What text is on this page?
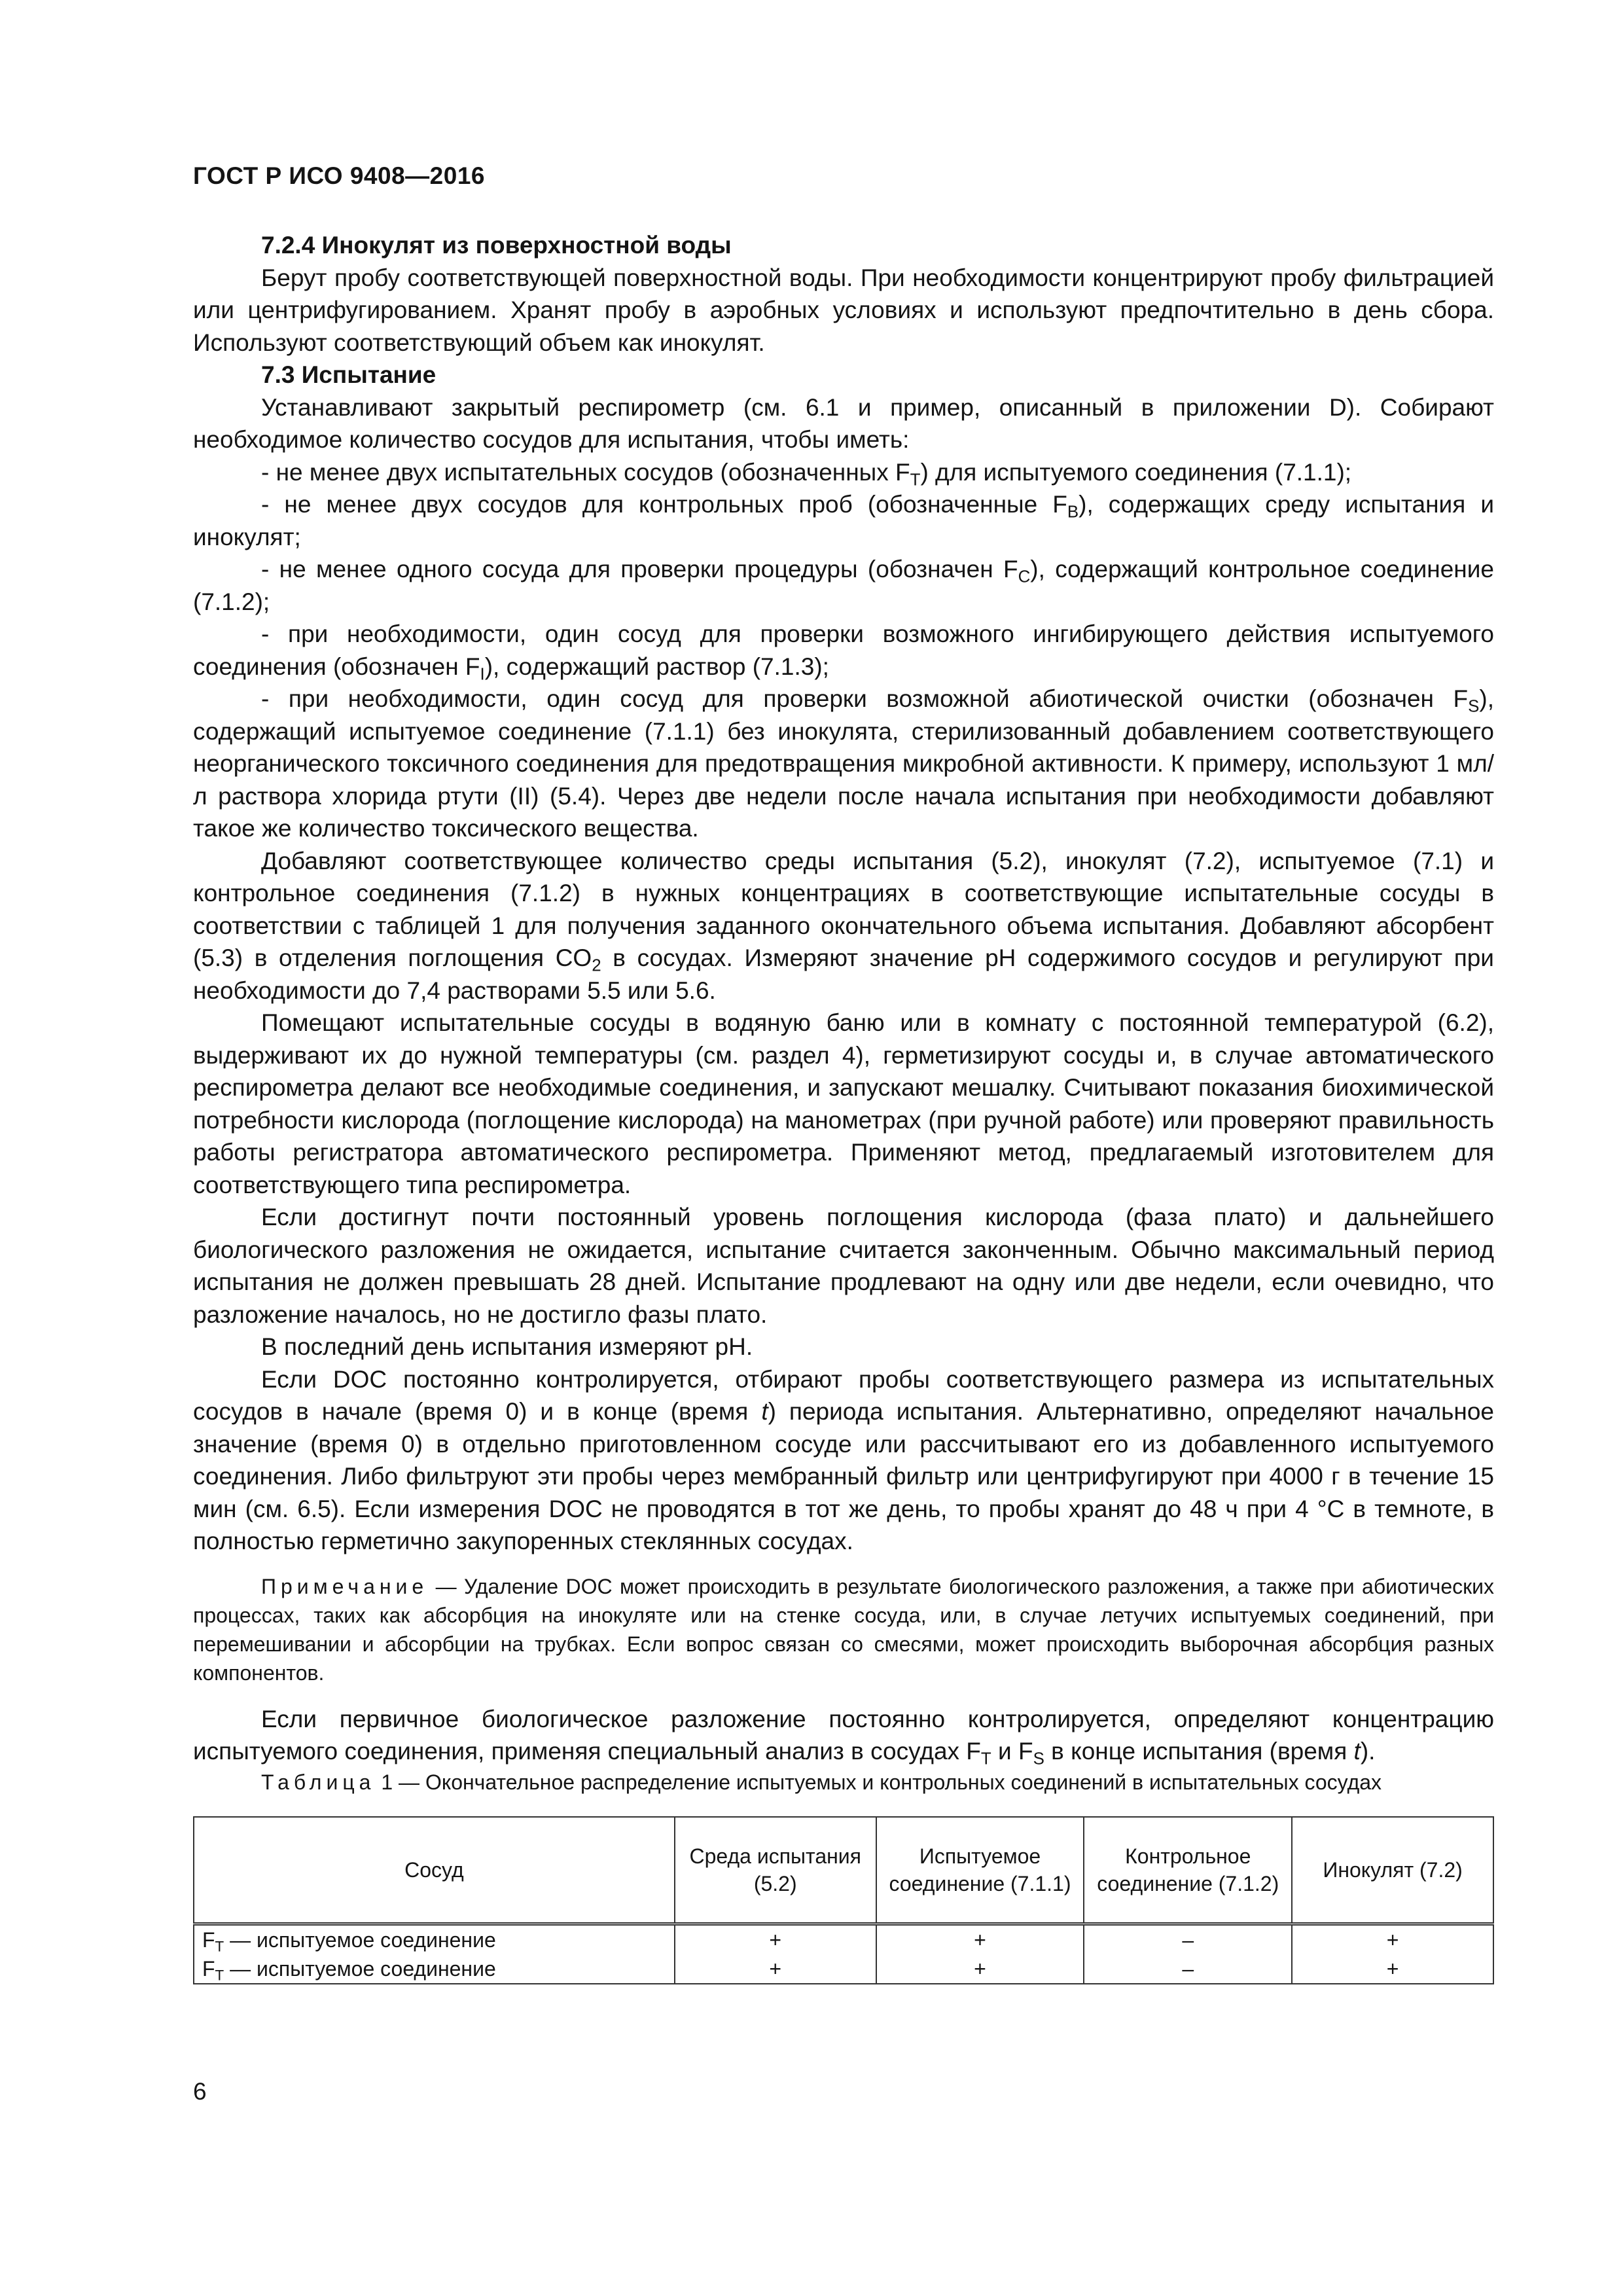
ГОСТ Р ИСО 9408—2016
7.2.4 Инокулят из поверхностной воды

Берут пробу соответствующей поверхностной воды. При необходимости концентрируют пробу фильтрацией или центрифугированием. Хранят пробу в аэробных условиях и используют предпочтительно в день сбора. Используют соответствующий объем как инокулят.

7.3 Испытание

Устанавливают закрытый респирометр (см. 6.1 и пример, описанный в приложении D). Собирают необходимое количество сосудов для испытания, чтобы иметь:

- не менее двух испытательных сосудов (обозначенных $F_T$) для испытуемого соединения (7.1.1);

- не менее двух сосудов для контрольных проб (обозначенные $F_B$), содержащих среду испытания и инокулят;

- не менее одного сосуда для проверки процедуры (обозначен $F_C$), содержащий контрольное соединение (7.1.2);

- при необходимости, один сосуд для проверки возможного ингибирующего действия испытуемого соединения (обозначен $F_I$), содержащий раствор (7.1.3);

- при необходимости, один сосуд для проверки возможной абиотической очистки (обозначен $F_S$), содержащий испытуемое соединение (7.1.1) без инокулята, стерилизованный добавлением соответствующего неорганического токсичного соединения для предотвращения микробной активности. К примеру, используют 1 мл/л раствора хлорида ртути (II) (5.4). Через две недели после начала испытания при необходимости добавляют такое же количество токсического вещества.

Добавляют соответствующее количество среды испытания (5.2), инокулят (7.2), испытуемое (7.1) и контрольное соединения (7.1.2) в нужных концентрациях в соответствующие испытательные сосуды в соответствии с таблицей 1 для получения заданного окончательного объема испытания. Добавляют абсорбент (5.3) в отделения поглощения $CO_2$ в сосудах. Измеряют значение pH содержимого сосудов и регулируют при необходимости до 7,4 растворами 5.5 или 5.6.

Помещают испытательные сосуды в водяную баню или в комнату с постоянной температурой (6.2), выдерживают их до нужной температуры (см. раздел 4), герметизируют сосуды и, в случае автоматического респирометра делают все необходимые соединения, и запускают мешалку. Считывают показания биохимической потребности кислорода (поглощение кислорода) на манометрах (при ручной работе) или проверяют правильность работы регистратора автоматического респирометра. Применяют метод, предлагаемый изготовителем для соответствующего типа респирометра.

Если достигнут почти постоянный уровень поглощения кислорода (фаза плато) и дальнейшего биологического разложения не ожидается, испытание считается законченным. Обычно максимальный период испытания не должен превышать 28 дней. Испытание продлевают на одну или две недели, если очевидно, что разложение началось, но не достигло фазы плато.

В последний день испытания измеряют pH.

Если DOC постоянно контролируется, отбирают пробы соответствующего размера из испытательных сосудов в начале (время 0) и в конце (время t) периода испытания. Альтернативно, определяют начальное значение (время 0) в отдельно приготовленном сосуде или рассчитывают его из добавленного испытуемого соединения. Либо фильтруют эти пробы через мембранный фильтр или центрифугируют при 4000 г в течение 15 мин (см. 6.5). Если измерения DOC не проводятся в тот же день, то пробы хранят до 48 ч при 4 °C в темноте, в полностью герметично закупоренных стеклянных сосудах.

Примечание — Удаление DOC может происходить в результате биологического разложения, а также при абиотических процессах, таких как абсорбция на инокуляте или на стенке сосуда, или, в случае летучих испытуемых соединений, при перемешивании и абсорбции на трубках. Если вопрос связан со смесями, может происходить выборочная абсорбция разных компонентов.

Если первичное биологическое разложение постоянно контролируется, определяют концентрацию испытуемого соединения, применяя специальный анализ в сосудах $F_T$ и $F_S$ в конце испытания (время t).

Таблица 1 — Окончательное распределение испытуемых и контрольных соединений в испытательных сосудах

Сосуд	Среда испытания (5.2)	Испытуемое соединение (7.1.1)	Контрольное соединение (7.1.2)	Инокулят (7.2)
$F_T$ — испытуемое соединение	+	+	–	+
$F_T$ — испытуемое соединение	+	+	–	+
6
